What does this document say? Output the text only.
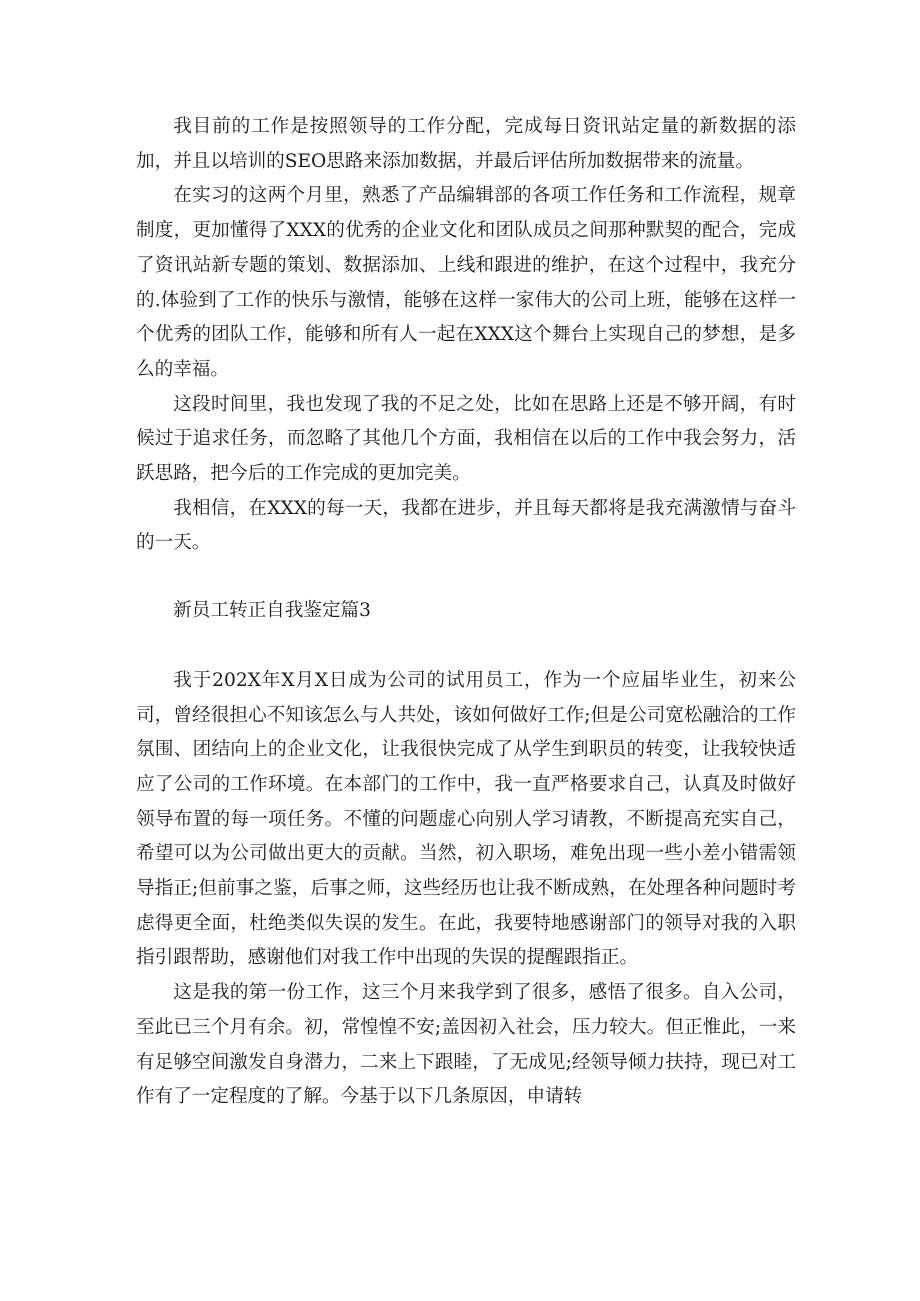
我目前的工作是按照领导的工作分配，完成每日资讯站定量的新数据的添加，并且以培训的SEO思路来添加数据，并最后评估所加数据带来的流量。

在实习的这两个月里，熟悉了产品编辑部的各项工作任务和工作流程，规章制度，更加懂得了XXX的优秀的企业文化和团队成员之间那种默契的配合，完成了资讯站新专题的策划、数据添加、上线和跟进的维护，在这个过程中，我充分的.体验到了工作的快乐与激情，能够在这样一家伟大的公司上班，能够在这样一个优秀的团队工作，能够和所有人一起在XXX这个舞台上实现自己的梦想，是多么的幸福。

这段时间里，我也发现了我的不足之处，比如在思路上还是不够开阔，有时候过于追求任务，而忽略了其他几个方面，我相信在以后的工作中我会努力，活跃思路，把今后的工作完成的更加完美。

我相信，在XXX的每一天，我都在进步，并且每天都将是我充满激情与奋斗的一天。

新员工转正自我鉴定篇3

我于202X年X月X日成为公司的试用员工，作为一个应届毕业生，初来公司，曾经很担心不知该怎么与人共处，该如何做好工作;但是公司宽松融洽的工作氛围、团结向上的企业文化，让我很快完成了从学生到职员的转变，让我较快适应了公司的工作环境。在本部门的工作中，我一直严格要求自己，认真及时做好领导布置的每一项任务。不懂的问题虚心向别人学习请教，不断提高充实自己，希望可以为公司做出更大的贡献。当然，初入职场，难免出现一些小差小错需领导指正;但前事之鉴，后事之师，这些经历也让我不断成熟，在处理各种问题时考虑得更全面，杜绝类似失误的发生。在此，我要特地感谢部门的领导对我的入职指引跟帮助，感谢他们对我工作中出现的失误的提醒跟指正。

这是我的第一份工作，这三个月来我学到了很多，感悟了很多。自入公司，至此已三个月有余。初，常惶惶不安;盖因初入社会，压力较大。但正惟此，一来有足够空间激发自身潜力，二来上下跟睦，了无成见;经领导倾力扶持，现已对工作有了一定程度的了解。今基于以下几条原因，申请转
